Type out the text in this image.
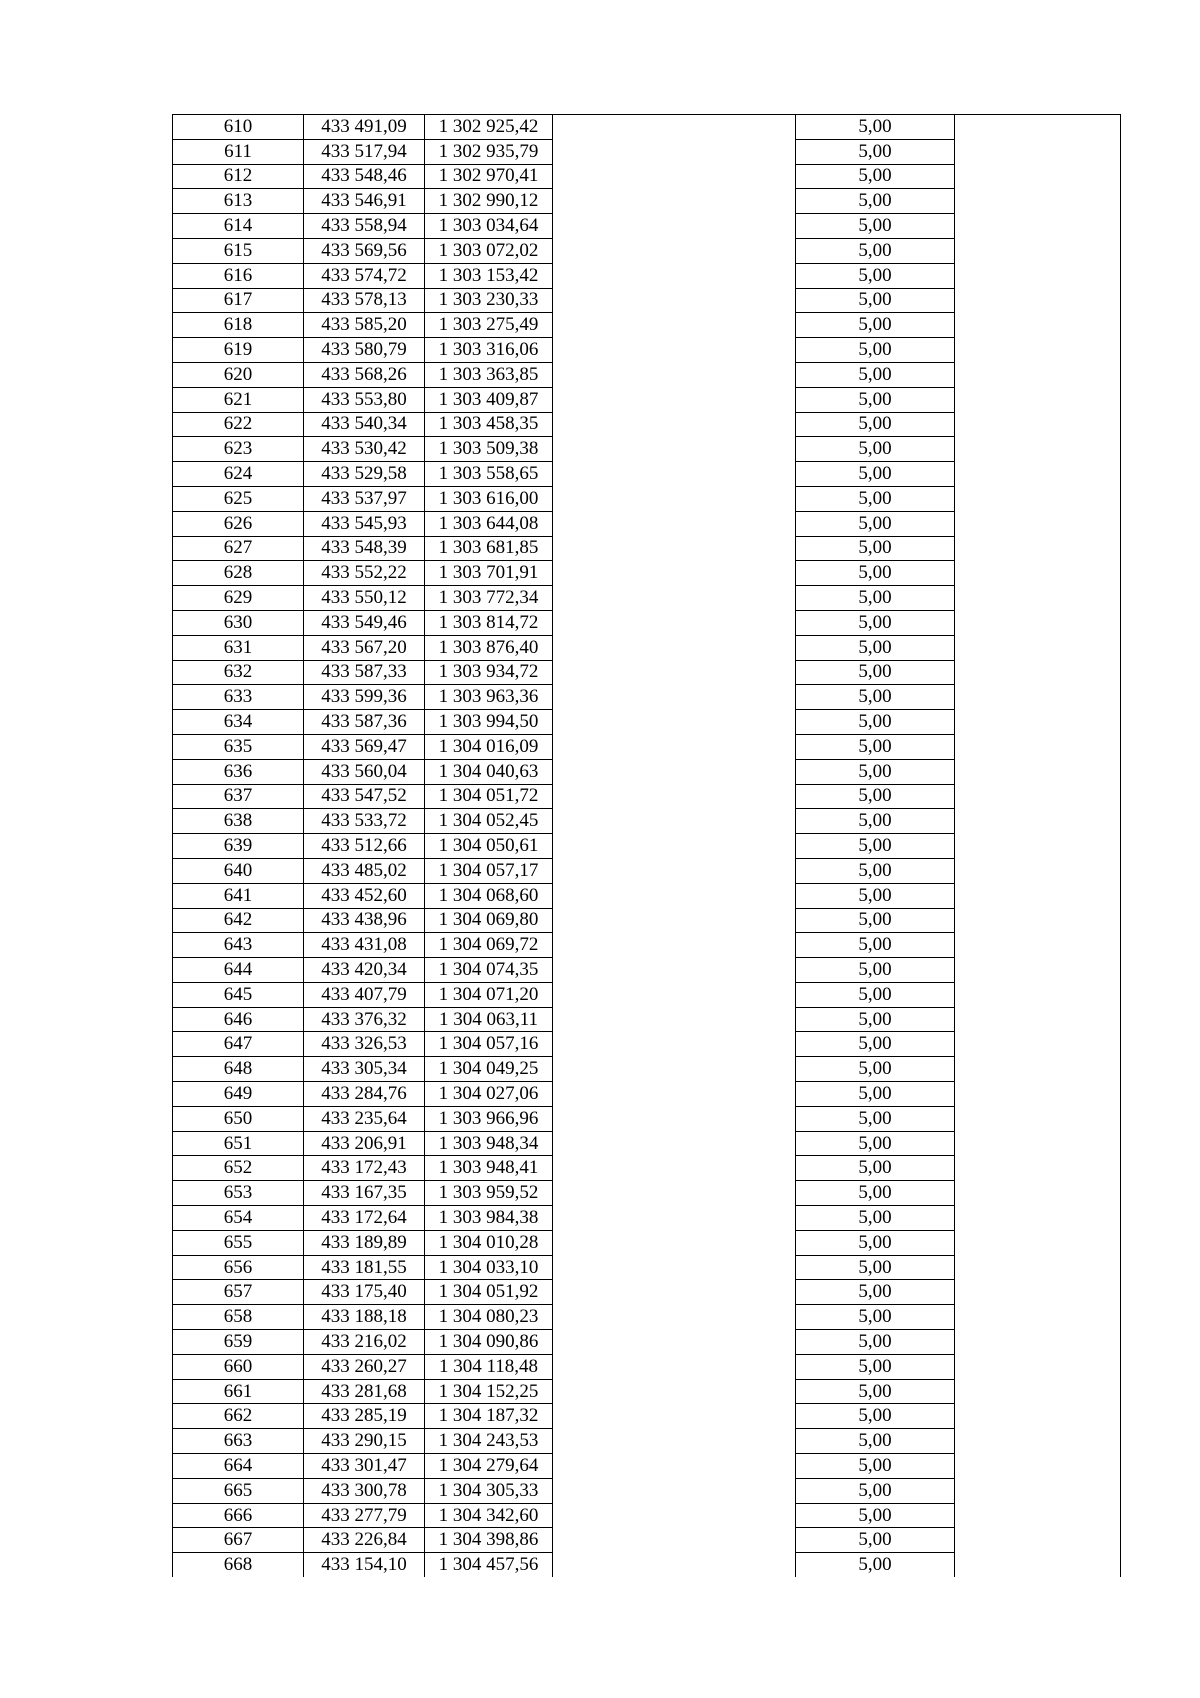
610	433 491,09	1 302 925,42		5,00	
611	433 517,94	1 302 935,79		5,00	
612	433 548,46	1 302 970,41		5,00	
613	433 546,91	1 302 990,12		5,00	
614	433 558,94	1 303 034,64		5,00	
615	433 569,56	1 303 072,02		5,00	
616	433 574,72	1 303 153,42		5,00	
617	433 578,13	1 303 230,33		5,00	
618	433 585,20	1 303 275,49		5,00	
619	433 580,79	1 303 316,06		5,00	
620	433 568,26	1 303 363,85		5,00	
621	433 553,80	1 303 409,87		5,00	
622	433 540,34	1 303 458,35		5,00	
623	433 530,42	1 303 509,38		5,00	
624	433 529,58	1 303 558,65		5,00	
625	433 537,97	1 303 616,00		5,00	
626	433 545,93	1 303 644,08		5,00	
627	433 548,39	1 303 681,85		5,00	
628	433 552,22	1 303 701,91		5,00	
629	433 550,12	1 303 772,34		5,00	
630	433 549,46	1 303 814,72		5,00	
631	433 567,20	1 303 876,40		5,00	
632	433 587,33	1 303 934,72		5,00	
633	433 599,36	1 303 963,36		5,00	
634	433 587,36	1 303 994,50		5,00	
635	433 569,47	1 304 016,09		5,00	
636	433 560,04	1 304 040,63		5,00	
637	433 547,52	1 304 051,72		5,00	
638	433 533,72	1 304 052,45		5,00	
639	433 512,66	1 304 050,61		5,00	
640	433 485,02	1 304 057,17		5,00	
641	433 452,60	1 304 068,60		5,00	
642	433 438,96	1 304 069,80		5,00	
643	433 431,08	1 304 069,72		5,00	
644	433 420,34	1 304 074,35		5,00	
645	433 407,79	1 304 071,20		5,00	
646	433 376,32	1 304 063,11		5,00	
647	433 326,53	1 304 057,16		5,00	
648	433 305,34	1 304 049,25		5,00	
649	433 284,76	1 304 027,06		5,00	
650	433 235,64	1 303 966,96		5,00	
651	433 206,91	1 303 948,34		5,00	
652	433 172,43	1 303 948,41		5,00	
653	433 167,35	1 303 959,52		5,00	
654	433 172,64	1 303 984,38		5,00	
655	433 189,89	1 304 010,28		5,00	
656	433 181,55	1 304 033,10		5,00	
657	433 175,40	1 304 051,92		5,00	
658	433 188,18	1 304 080,23		5,00	
659	433 216,02	1 304 090,86		5,00	
660	433 260,27	1 304 118,48		5,00	
661	433 281,68	1 304 152,25		5,00	
662	433 285,19	1 304 187,32		5,00	
663	433 290,15	1 304 243,53		5,00	
664	433 301,47	1 304 279,64		5,00	
665	433 300,78	1 304 305,33		5,00	
666	433 277,79	1 304 342,60		5,00	
667	433 226,84	1 304 398,86		5,00	
668	433 154,10	1 304 457,56		5,00	
